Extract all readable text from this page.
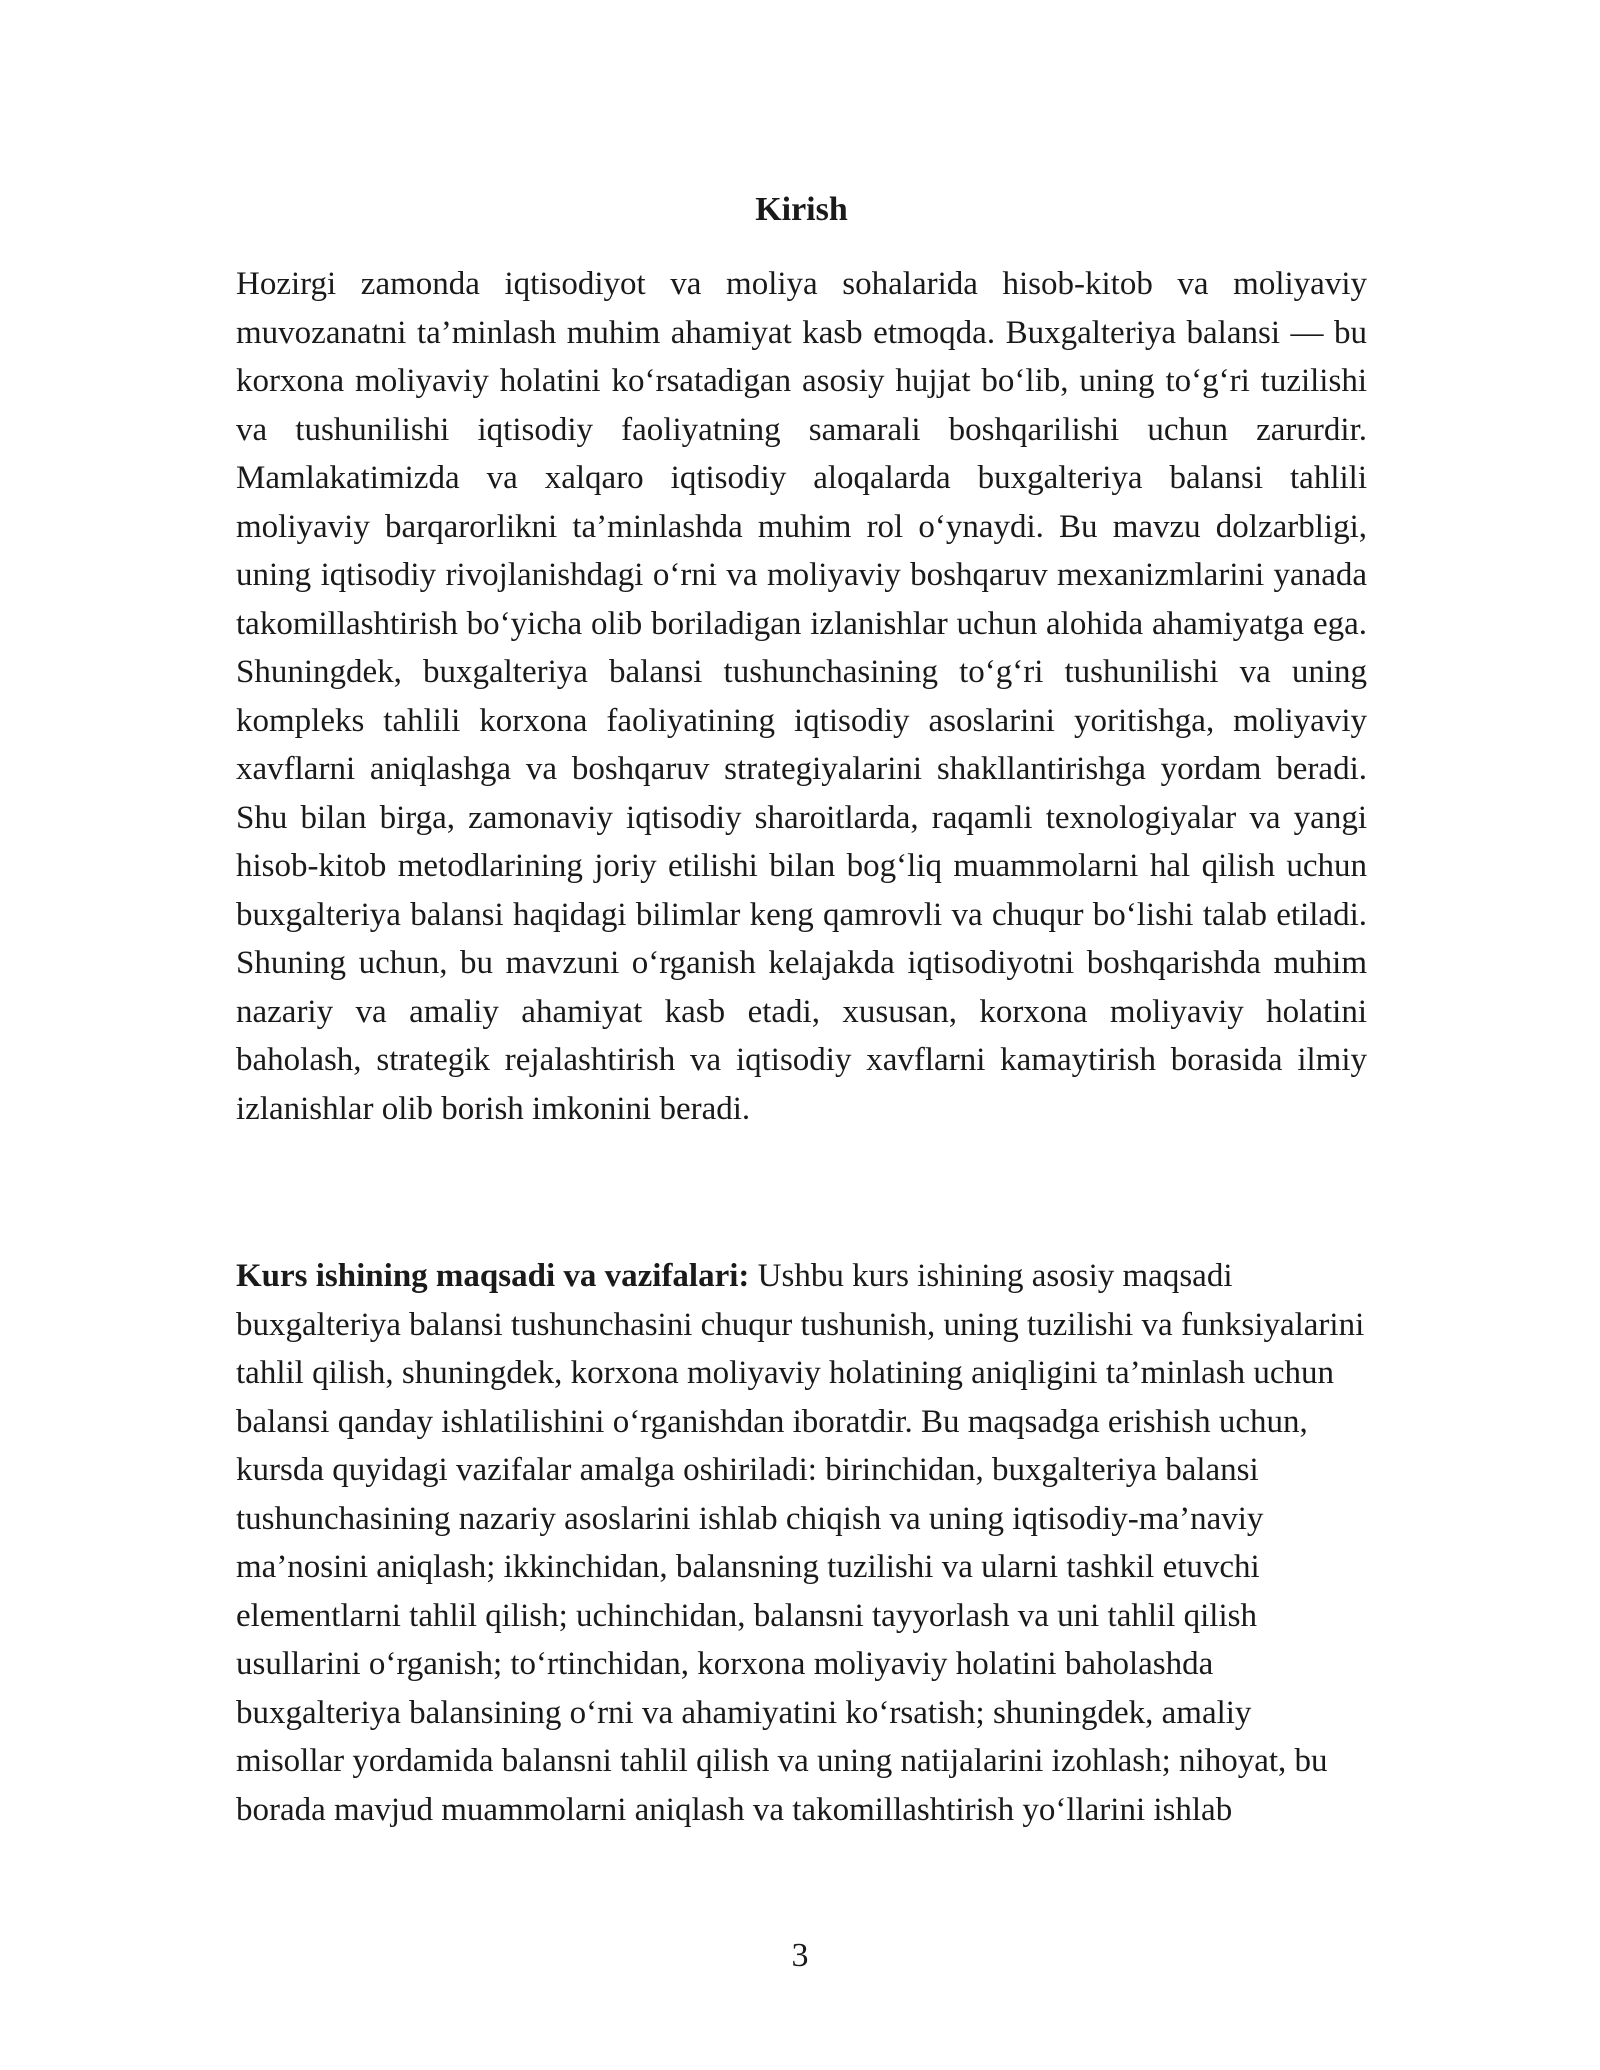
Kirish

Hozirgi zamonda iqtisodiyot va moliya sohalarida hisob-kitob va moliyaviy muvozanatni ta’minlash muhim ahamiyat kasb etmoqda. Buxgalteriya balansi — bu korxona moliyaviy holatini ko‘rsatadigan asosiy hujjat bo‘lib, uning to‘g‘ri tuzilishi va tushunilishi iqtisodiy faoliyatning samarali boshqarilishi uchun zarurdir. Mamlakatimizda va xalqaro iqtisodiy aloqalarda buxgalteriya balansi tahlili moliyaviy barqarorlikni ta’minlashda muhim rol o‘ynaydi. Bu mavzu dolzarbligi, uning iqtisodiy rivojlanishdagi o‘rni va moliyaviy boshqaruv mexanizmlarini yanada takomillashtirish bo‘yicha olib boriladigan izlanishlar uchun alohida ahamiyatga ega. Shuningdek, buxgalteriya balansi tushunchasining to‘g‘ri tushunilishi va uning kompleks tahlili korxona faoliyatining iqtisodiy asoslarini yoritishga, moliyaviy xavflarni aniqlashga va boshqaruv strategiyalarini shakllantirishga yordam beradi. Shu bilan birga, zamonaviy iqtisodiy sharoitlarda, raqamli texnologiyalar va yangi hisob-kitob metodlarining joriy etilishi bilan bog‘liq muammolarni hal qilish uchun buxgalteriya balansi haqidagi bilimlar keng qamrovli va chuqur bo‘lishi talab etiladi. Shuning uchun, bu mavzuni o‘rganish kelajakda iqtisodiyotni boshqarishda muhim nazariy va amaliy ahamiyat kasb etadi, xususan, korxona moliyaviy holatini baholash, strategik rejalashtirish va iqtisodiy xavflarni kamaytirish borasida ilmiy izlanishlar olib borish imkonini beradi.

Kurs ishining maqsadi va vazifalari: Ushbu kurs ishining asosiy maqsadi buxgalteriya balansi tushunchasini chuqur tushunish, uning tuzilishi va funksiyalarini tahlil qilish, shuningdek, korxona moliyaviy holatining aniqligini ta’minlash uchun balansi qanday ishlatilishini o‘rganishdan iboratdir. Bu maqsadga erishish uchun, kursda quyidagi vazifalar amalga oshiriladi: birinchidan, buxgalteriya balansi tushunchasining nazariy asoslarini ishlab chiqish va uning iqtisodiy-ma’naviy ma’nosini aniqlash; ikkinchidan, balansning tuzilishi va ularni tashkil etuvchi elementlarni tahlil qilish; uchinchidan, balansni tayyorlash va uni tahlil qilish usullarini o‘rganish; to‘rtinchidan, korxona moliyaviy holatini baholashda buxgalteriya balansining o‘rni va ahamiyatini ko‘rsatish; shuningdek, amaliy misollar yordamida balansni tahlil qilish va uning natijalarini izohlash; nihoyat, bu borada mavjud muammolarni aniqlash va takomillashtirish yo‘llarini ishlab

3
